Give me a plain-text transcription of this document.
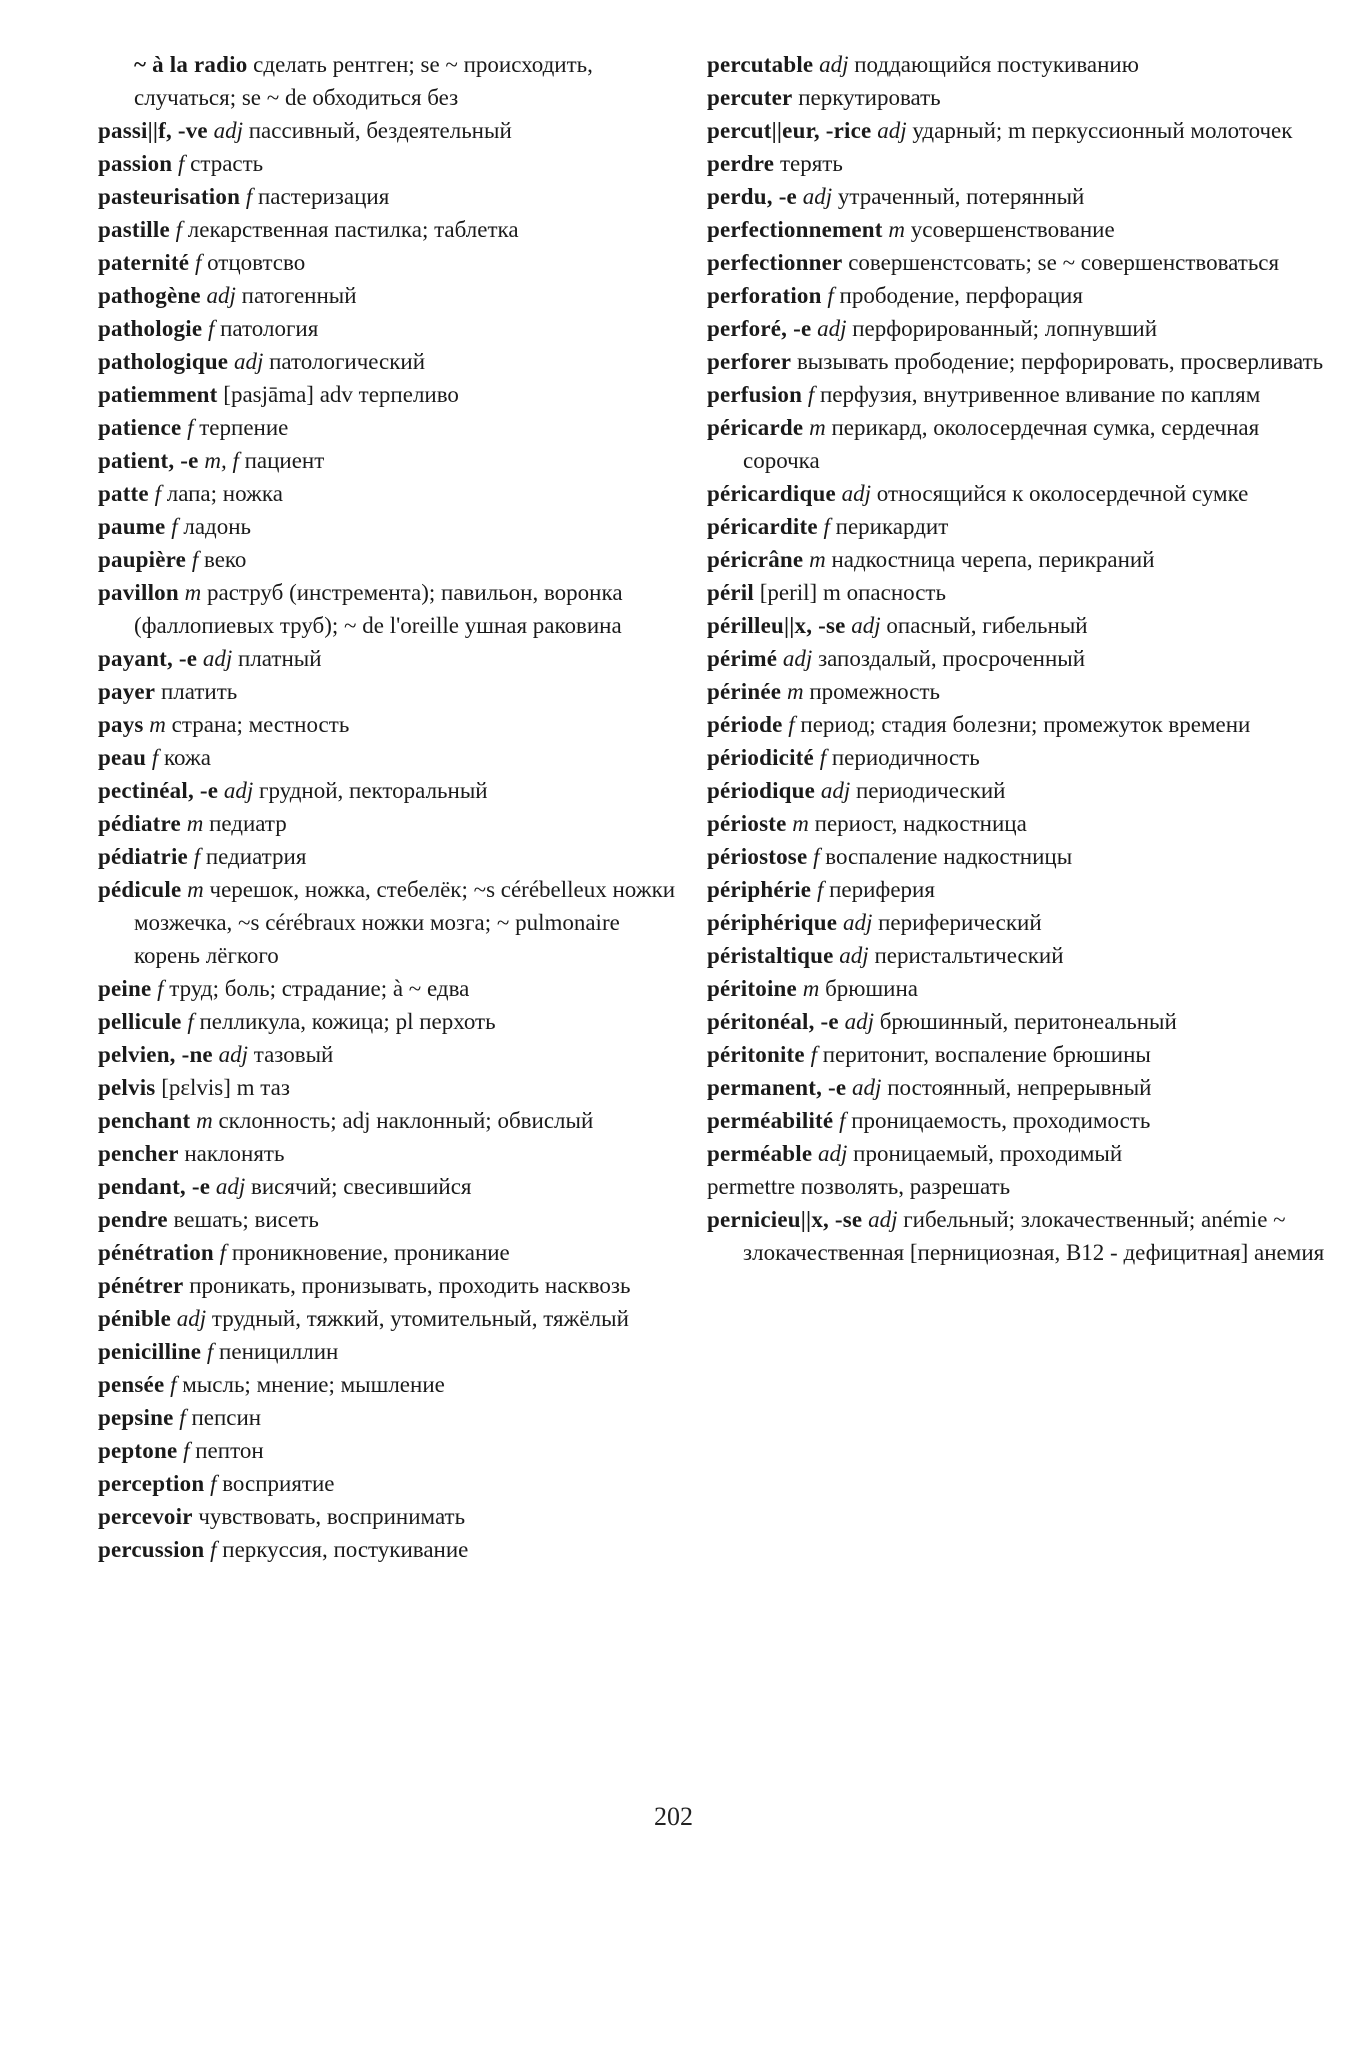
~ à la radio сделать рентген; se ~ происходить, случаться; se ~ de обходиться без
passi||f, -ve adj пассивный, бездеятельный
passion f страсть
pasteurisation f пастеризация
pastille f лекарственная пастилка; таблетка
paternité f отцовтсво
pathogène adj патогенный
pathologie f патология
pathologique adj патологический
patiemment [pasjāma] adv терпеливо
patience f терпение
patient, -e m, f пациент
patte f лапа; ножка
paume f ладонь
paupière f веко
pavillon m раструб (инстремента); павильон, воронка (фаллопиевых труб); ~ de l'oreille ушная раковина
payant, -e adj платный
payer платить
pays m страна; местность
peau f кожа
pectinéal, -e adj грудной, пекторальный
pédiatre m педиатр
pédiatrie f педиатрия
pédicule m черешок, ножка, стебелёк; ~s cérébelleux ножки мозжечка, ~s cérébraux ножки мозга; ~ pulmonaire корень лёгкого
peine f труд; боль; страдание; à ~ едва
pellicule f пелликула, кожица; pl перхоть
pelvien, -ne adj тазовый
pelvis [pɛlvis] m таз
penchant m склонность; adj наклонный; обвислый
pencher наклонять
pendant, -e adj висячий; свесившийся
pendre вешать; висеть
pénétration f проникновение, проникание
pénétrer проникать, пронизывать, проходить насквозь
pénible adj трудный, тяжкий, утомительный, тяжёлый
penicilline f пенициллин
pensée f мысль; мнение; мышление
pepsine f пепсин
peptone f пептон
perception f восприятие
percevoir чувствовать, воспринимать
percussion f перкуссия, постукивание
percutable adj поддающийся постукиванию
percuter перкутировать
percut||eur, -rice adj ударный; m перкуссионный молоточек
perdre терять
perdu, -e adj утраченный, потерянный
perfectionnement m усовершенствование
perfectionner совершенстсовать; se ~ совершенствоваться
perforation f прободение, перфорация
perforé, -e adj перфорированный; лопнувший
perforer вызывать прободение; перфорировать, просверливать
perfusion f перфузия, внутривенное вливание по каплям
péricarde m перикард, околосердечная сумка, сердечная сорочка
péricardique adj относящийся к околосердечной сумке
péricardite f перикардит
péricrâne m надкостница черепа, перикраний
péril [peril] m опасность
périlleu||x, -se adj опасный, гибельный
périmé adj запоздалый, просроченный
périnée m промежность
période f период; стадия болезни; промежуток времени
périodicité f периодичность
périodique adj периодический
périoste m периост, надкостница
périostose f воспаление надкостницы
périphérie f периферия
périphérique adj периферический
péristaltique adj перистальтический
péritoine m брюшина
péritonéal, -e adj брюшинный, перитонеальный
péritonite f перитонит, воспаление брюшины
permanent, -e adj постоянный, непрерывный
perméabilité f проницаемость, проходимость
perméable adj проницаемый, проходимый
permettre позволять, разрешать
pernicieu||x, -se adj гибельный; злокачественный; anémie ~ злокачественная [пернициозная, B12 - дефицитная] анемия
202
